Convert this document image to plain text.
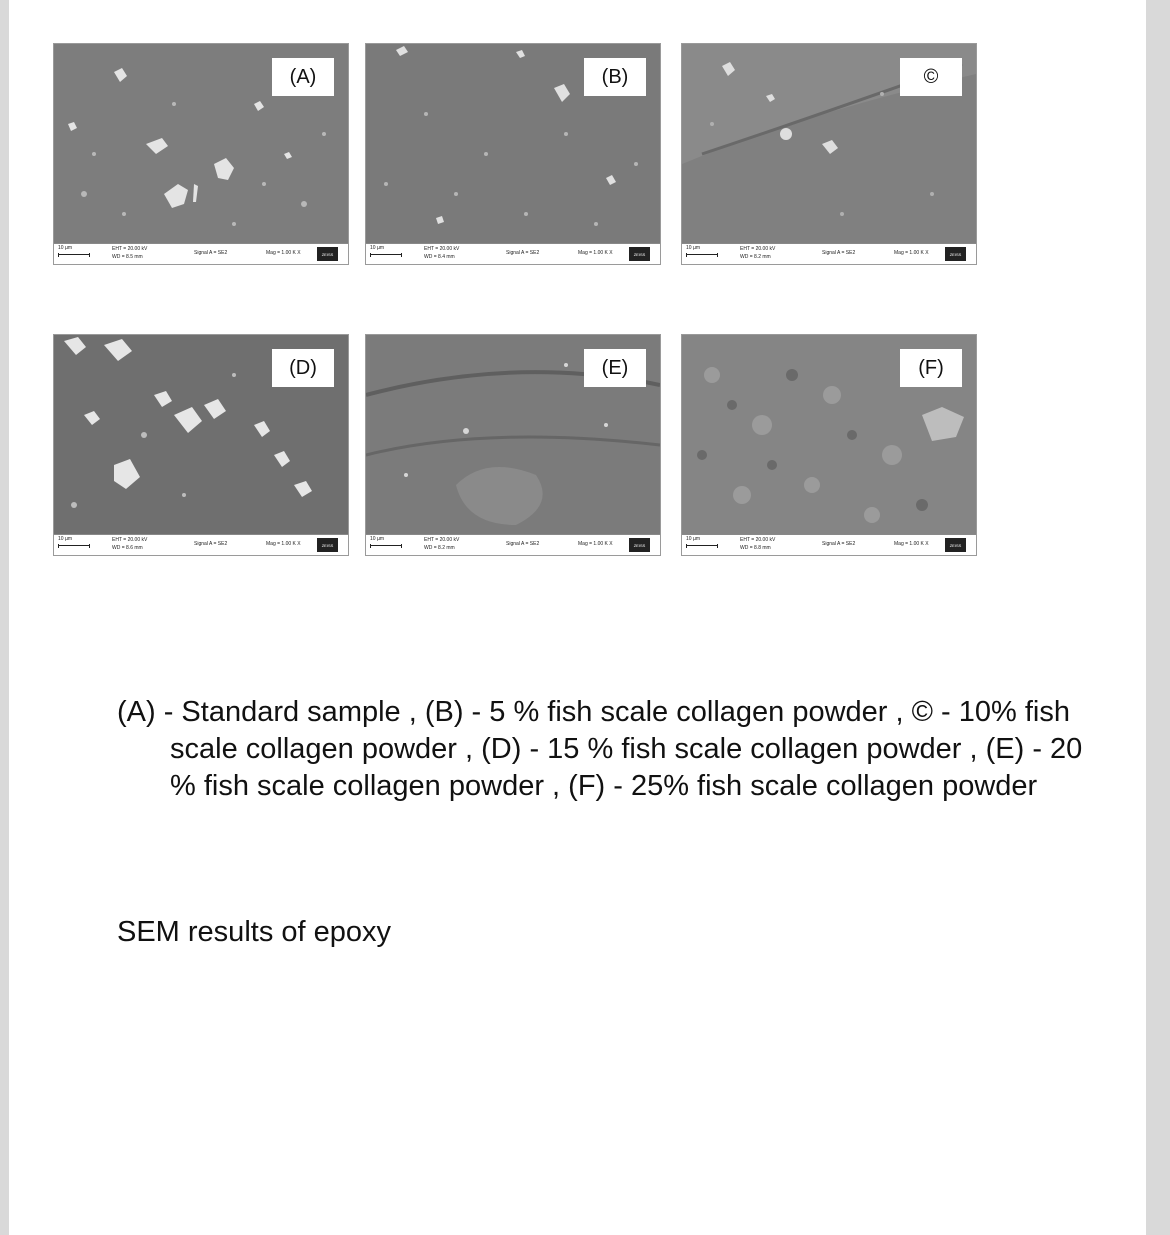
(A)
10 µm	EHT = 20.00 kV
WD = 8.5 mm
Signal A = SE2	Mag = 1.00 K X	ZEISS
(B)
10 µm	EHT = 20.00 kV
WD = 8.4 mm
Signal A = SE2	Mag = 1.00 K X	ZEISS
©
10 µm	EHT = 20.00 kV
WD = 8.2 mm
Signal A = SE2	Mag = 1.00 K X	ZEISS
(D)
10 µm	EHT = 20.00 kV
WD = 8.6 mm
Signal A = SE2	Mag = 1.00 K X	ZEISS
(E)
10 µm	EHT = 20.00 kV
WD = 8.2 mm
Signal A = SE2	Mag = 1.00 K X	ZEISS
(F)
10 µm	EHT = 20.00 kV
WD = 8.8 mm
Signal A = SE2	Mag = 1.00 K X	ZEISS
(A) - Standard sample , (B) - 5 % fish scale collagen powder , © - 10% fish scale collagen powder , (D) - 15 % fish scale collagen powder , (E) - 20 % fish scale collagen powder , (F) - 25% fish scale collagen powder
SEM results of epoxy
